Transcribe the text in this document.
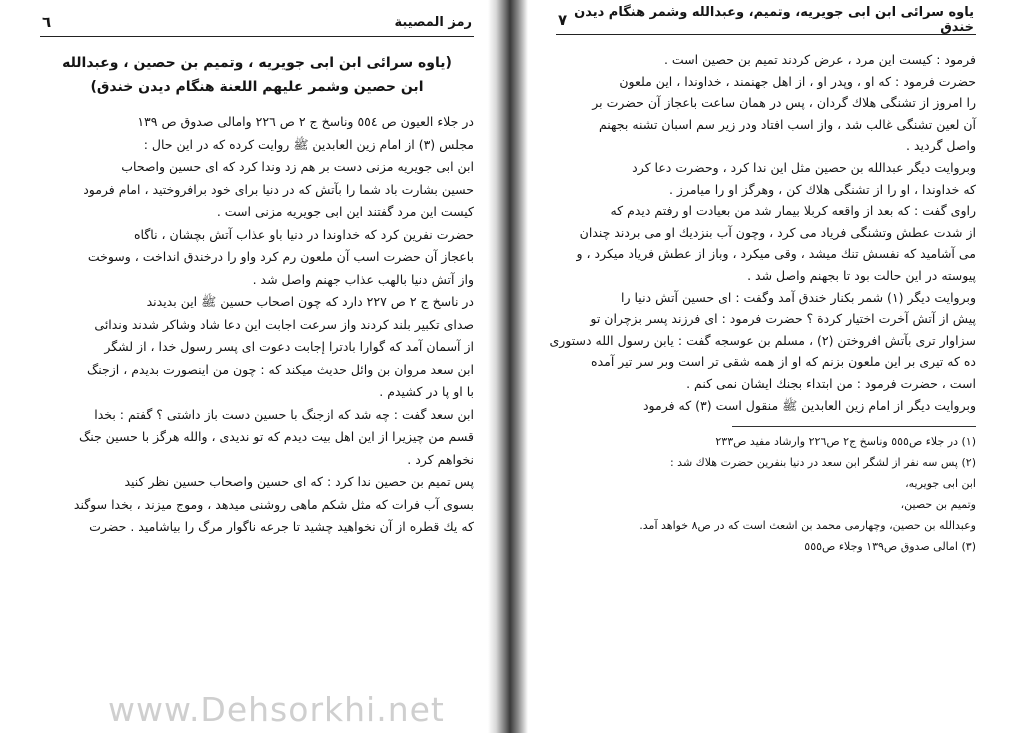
رمز المصیبة
٦
(یاوه سرائی ابن ابی جویریه ، وتمیم بن حصین ، وعبدالله
ابن حصین وشمر علیهم اللعنة هنگام دیدن خندق)

در جلاء العیون ص ٥٥٤ وناسخ ج ٢ ص ٢٢٦ وامالی صدوق ص ١٣٩

مجلس (٣) از امام زین العابدین ﷺ روایت کرده که در این حال :

ابن ابی جویریه مزنی دست بر هم زد وندا کرد که ای حسین واصحاب

حسین بشارت باد شما را بآتش که در دنیا برای خود برافروختید ، امام فرمود

کیست این مرد گفتند این ابی جویریه مزنی است .

حضرت نفرین کرد که خداوندا در دنیا باو عذاب آتش بچشان ، ناگاه

باعجاز آن حضرت اسب آن ملعون رم کرد واو را درخندق انداخت ، وسوخت

واز آتش دنیا بالهب عذاب جهنم واصل شد .

در ناسخ ج ٢ ص ٢٢٧ دارد که چون اصحاب حسین ﷺ این بدیدند

صدای تکبیر بلند کردند واز سرعت اجابت این دعا شاد وشاکر شدند وندائی

از آسمان آمد که گوارا بادترا إجابت دعوت ای پسر رسول خدا ، از لشگر

ابن سعد مروان بن وائل حدیث میکند که : چون من اینصورت بدیدم ، ازجنگ

با او پا در کشیدم .

ابن سعد گفت : چه شد که ازجنگ با حسین دست باز داشتی ؟ گفتم : بخدا

قسم من چیزیرا از این اهل بیت دیدم که تو ندیدی ، والله هرگز با حسین جنگ

نخواهم کرد .

پس تمیم بن حصین ندا کرد : که ای حسین واصحاب حسین نظر کنید

بسوی آب فرات که مثل شکم ماهی روشنی میدهد ، وموج میزند ، بخدا سوگند

که یك قطره از آن نخواهید چشید تا جرعه ناگوار مرگ را بیاشامید . حضرت

یاوه سرائی ابن ابی جویریه، وتمیم، وعبدالله وشمر هنگام دیدن خندق
٧

فرمود : کیست این مرد ، عرض کردند تمیم بن حصین است .

حضرت فرمود : که او ، وپدر او ، از اهل جهنمند ، خداوندا ، این ملعون

را امروز از تشنگی هلاك گردان ، پس در همان ساعت باعجاز آن حضرت بر

آن لعین تشنگی غالب شد ، واز اسب افتاد ودر زیر سم اسبان تشنه بجهنم

واصل گردید .

وبروایت دیگر عبدالله بن حصین مثل این ندا کرد ، وحضرت دعا کرد

که خداوندا ، او را از تشنگی هلاك کن ، وهرگز او را میامرز .

راوی گفت : که بعد از واقعه کربلا بیمار شد من بعیادت او رفتم دیدم که

از شدت عطش وتشنگی فریاد می کرد ، وچون آب بنزدیك او می بردند چندان

می آشامید که نفسش تنك میشد ، وقی میکرد ، وباز از عطش فریاد میکرد ، و

پیوسته در این حالت بود تا بجهنم واصل شد .

وبروایت دیگر (١) شمر بکنار خندق آمد وگفت : ای حسین آتش دنیا را

پیش از آتش آخرت اختیار کردة ؟ حضرت فرمود : ای فرزند پسر بزچران تو

سزاوار تری بآتش افروختن (٢) ، مسلم بن عوسجه گفت : یابن رسول الله دستوری

ده که تیری بر این ملعون بزنم که او از همه شقی تر است وبر سر تیر آمده

است ، حضرت فرمود : من ابتداء بجنك ایشان نمی کنم .

وبروایت دیگر از امام زین العابدین ﷺ منقول است (٣) که فرمود

(١) در جلاء ص٥٥٥ وناسخ ج٢ ص٢٢٦ وارشاد مفید ص٢٣٣

(٢) پس سه نفر از لشگر ابن سعد در دنیا بنفرین حضرت هلاك شد :

ابن ابی جویریه،

وتمیم بن حصین،

وعبدالله بن حصین، وچهارمی محمد بن اشعث است که در ص٨ خواهد آمد.

(٣) امالی صدوق ص١٣٩ وجلاء ص٥٥٥

www.Dehsorkhi.net
